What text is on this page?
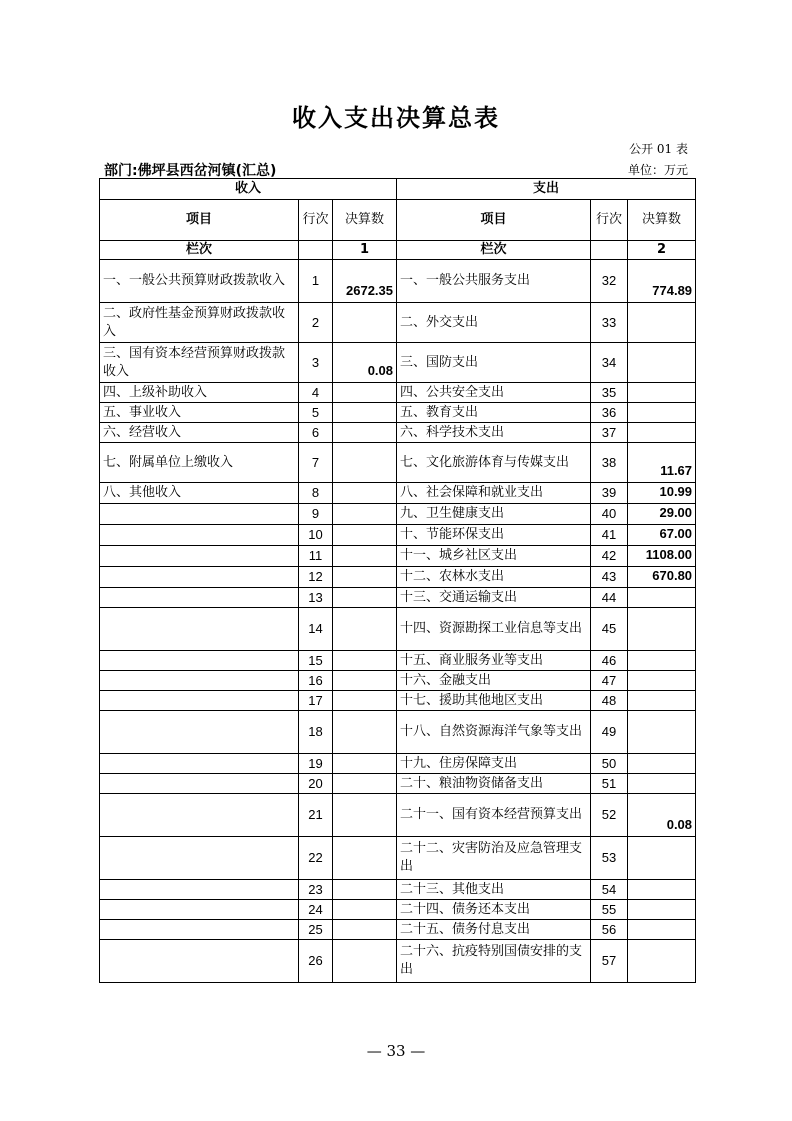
收入支出决算总表
公开 01 表
部门:佛坪县西岔河镇(汇总)	单位：万元
收入			支出		
项目	行次	决算数	项目	行次	决算数
栏次		1	栏次		2
一、一般公共预算财政拨款收入	1	2672.35	一、一般公共服务支出	32	774.89
二、政府性基金预算财政拨款收入	2		二、外交支出	33	
三、国有资本经营预算财政拨款收入	3	0.08	三、国防支出	34	
四、上级补助收入	4		四、公共安全支出	35	
五、事业收入	5		五、教育支出	36	
六、经营收入	6		六、科学技术支出	37	
七、附属单位上缴收入	7		七、文化旅游体育与传媒支出	38	11.67
八、其他收入	8		八、社会保障和就业支出	39	10.99
	9		九、卫生健康支出	40	29.00
	10		十、节能环保支出	41	67.00
	11		十一、城乡社区支出	42	1108.00
	12		十二、农林水支出	43	670.80
	13		十三、交通运输支出	44	
	14		十四、资源勘探工业信息等支出	45	
	15		十五、商业服务业等支出	46	
	16		十六、金融支出	47	
	17		十七、援助其他地区支出	48	
	18		十八、自然资源海洋气象等支出	49	
	19		十九、住房保障支出	50	
	20		二十、粮油物资储备支出	51	
	21		二十一、国有资本经营预算支出	52	0.08
	22		二十二、灾害防治及应急管理支出	53	
	23		二十三、其他支出	54	
	24		二十四、债务还本支出	55	
	25		二十五、债务付息支出	56	
	26		二十六、抗疫特别国债安排的支出	57	
— 33 —
